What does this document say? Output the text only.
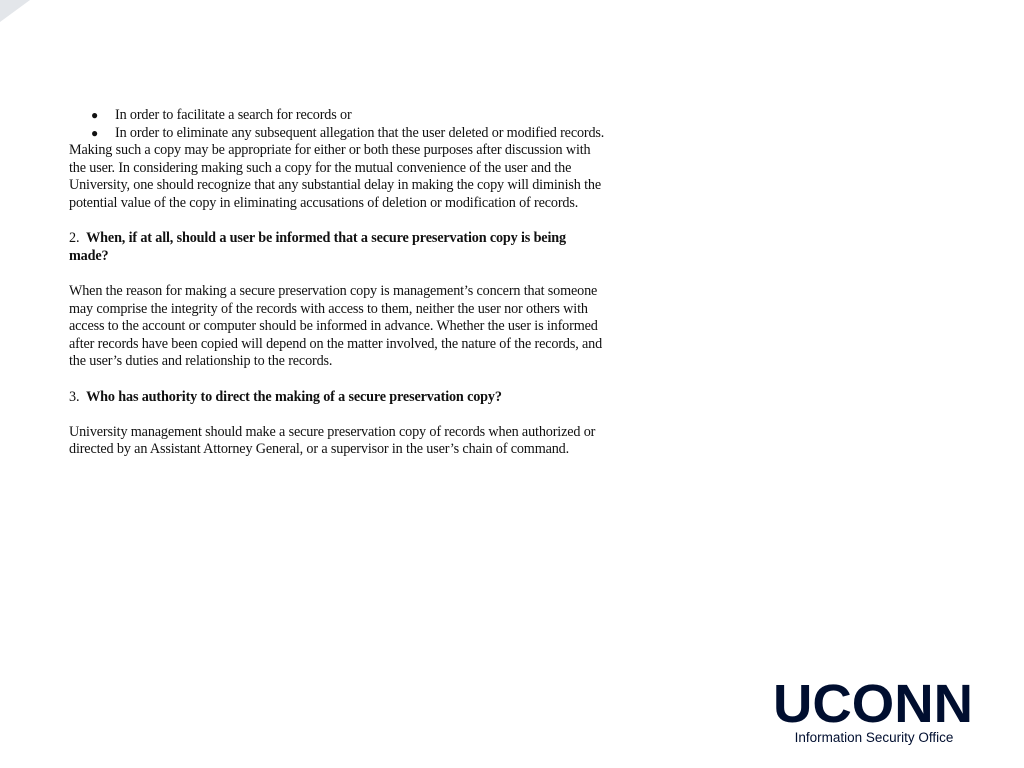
● In order to facilitate a search for records or
● In order to eliminate any subsequent allegation that the user deleted or modified records.

Making such a copy may be appropriate for either or both these purposes after discussion with
the user. In considering making such a copy for the mutual convenience of the user and the
University, one should recognize that any substantial delay in making the copy will diminish the
potential value of the copy in eliminating accusations of deletion or modification of records.

2. When, if at all, should a user be informed that a secure preservation copy is being
made?

When the reason for making a secure preservation copy is management’s concern that someone
may comprise the integrity of the records with access to them, neither the user nor others with
access to the account or computer should be informed in advance. Whether the user is informed
after records have been copied will depend on the matter involved, the nature of the records, and
the user’s duties and relationship to the records.

3. Who has authority to direct the making of a secure preservation copy?

University management should make a secure preservation copy of records when authorized or
directed by an Assistant Attorney General, or a supervisor in the user’s chain of command.

UCONN
Information Security Office
